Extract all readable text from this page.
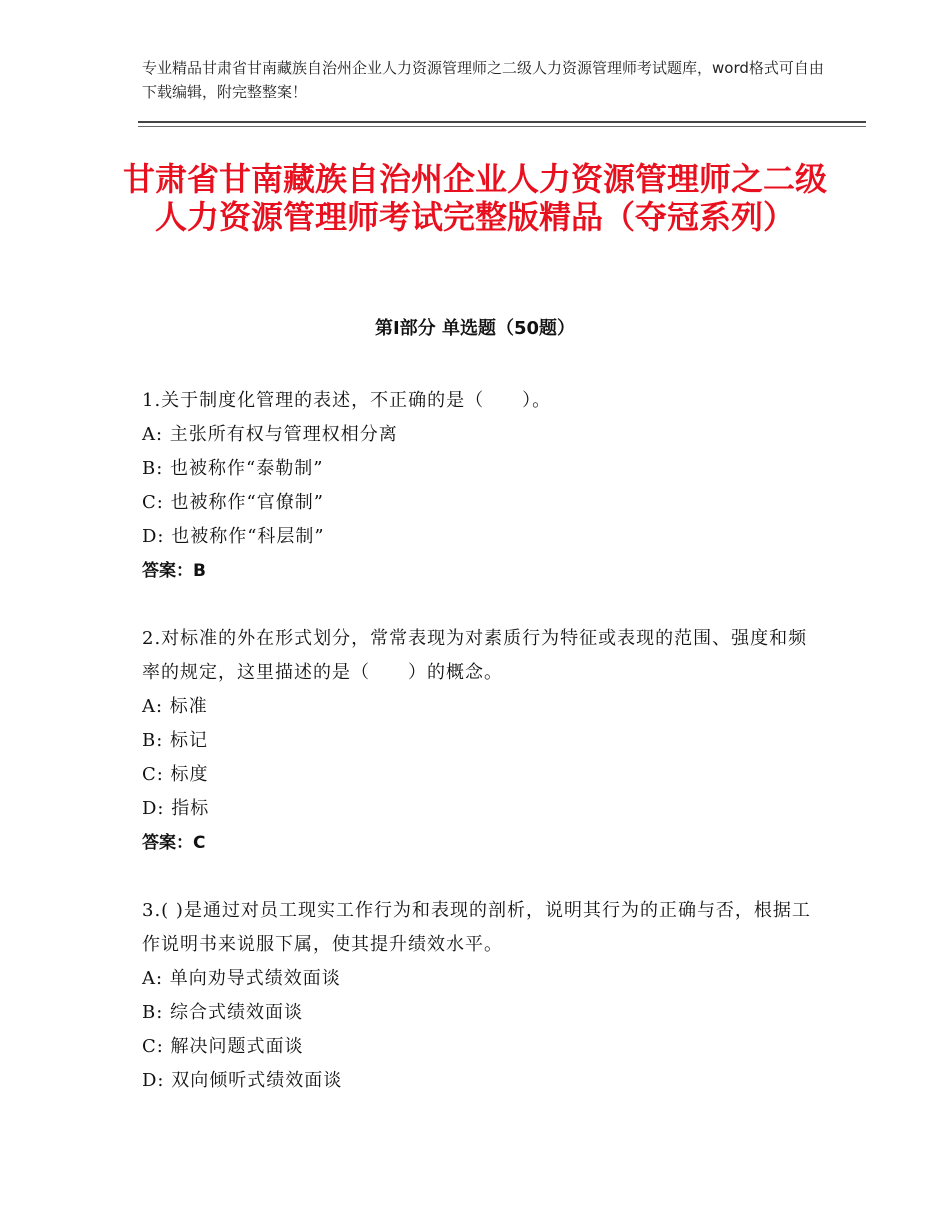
专业精品甘肃省甘南藏族自治州企业人力资源管理师之二级人力资源管理师考试题库，word格式可自由下载编辑，附完整整案！
甘肃省甘南藏族自治州企业人力资源管理师之二级人力资源管理师考试完整版精品（夺冠系列）
第Ⅰ部分 单选题（50题）

1.关于制度化管理的表述，不正确的是（　　）。

A: 主张所有权与管理权相分离

B: 也被称作“泰勒制”

C: 也被称作“官僚制”

D: 也被称作“科层制”

答案：B

2.对标准的外在形式划分，常常表现为对素质行为特征或表现的范围、强度和频率的规定，这里描述的是（　　）的概念。

A: 标准

B: 标记

C: 标度

D: 指标

答案：C

3.( )是通过对员工现实工作行为和表现的剖析，说明其行为的正确与否，根据工作说明书来说服下属，使其提升绩效水平。

A: 单向劝导式绩效面谈

B: 综合式绩效面谈

C: 解决问题式面谈

D: 双向倾听式绩效面谈
